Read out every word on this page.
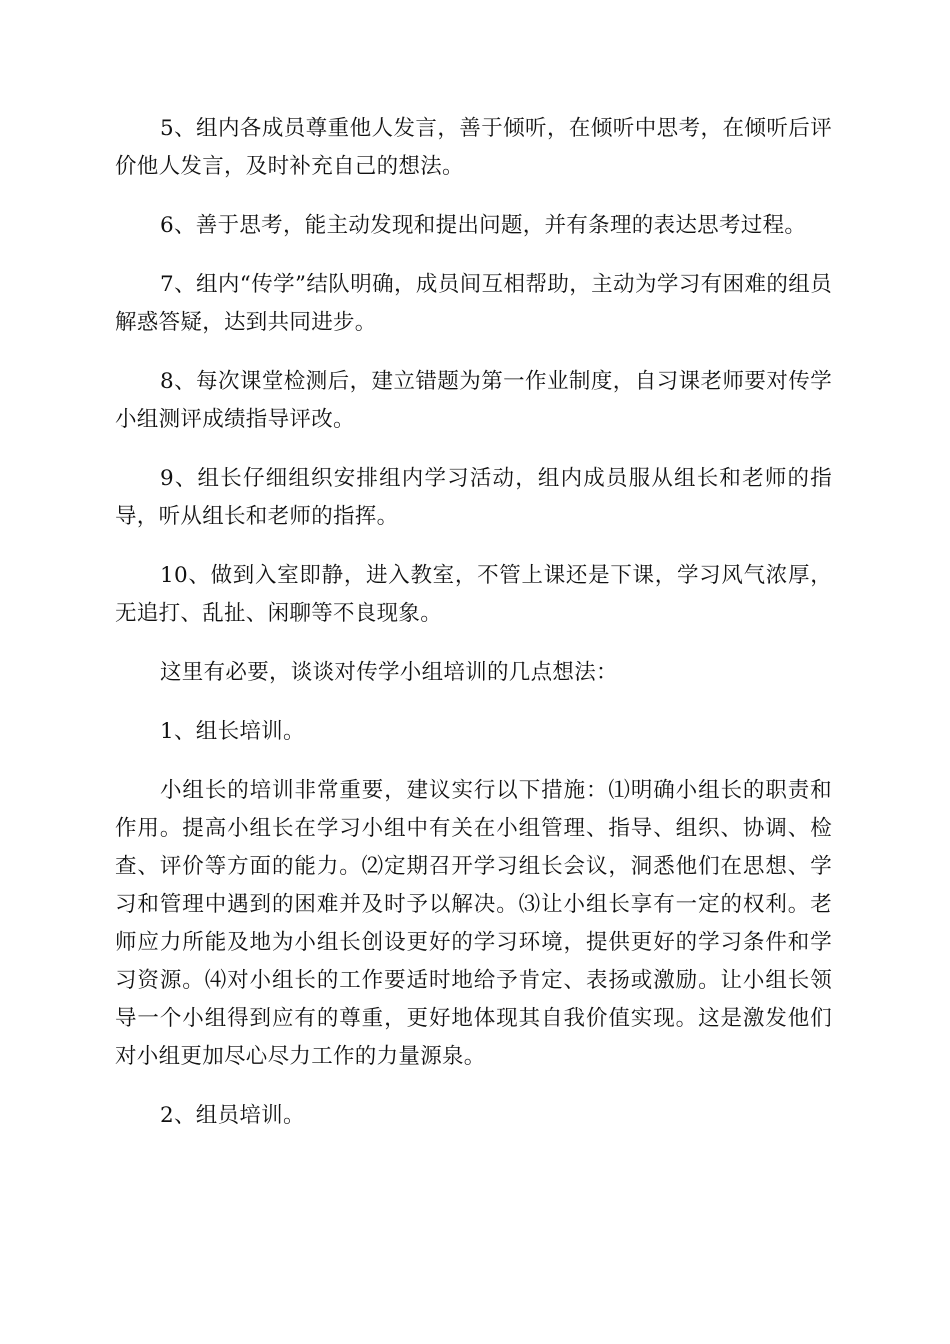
5、组内各成员尊重他人发言，善于倾听，在倾听中思考，在倾听后评价他人发言，及时补充自己的想法。

6、善于思考，能主动发现和提出问题，并有条理的表达思考过程。

7、组内“传学”结队明确，成员间互相帮助，主动为学习有困难的组员解惑答疑，达到共同进步。

8、每次课堂检测后，建立错题为第一作业制度，自习课老师要对传学小组测评成绩指导评改。

9、组长仔细组织安排组内学习活动，组内成员服从组长和老师的指导，听从组长和老师的指挥。

10、做到入室即静，进入教室，不管上课还是下课，学习风气浓厚，无追打、乱扯、闲聊等不良现象。

这里有必要，谈谈对传学小组培训的几点想法：

1、组长培训。

小组长的培训非常重要，建议实行以下措施：⑴明确小组长的职责和作用。提高小组长在学习小组中有关在小组管理、指导、组织、协调、检查、评价等方面的能力。⑵定期召开学习组长会议，洞悉他们在思想、学习和管理中遇到的困难并及时予以解决。⑶让小组长享有一定的权利。老师应力所能及地为小组长创设更好的学习环境，提供更好的学习条件和学习资源。⑷对小组长的工作要适时地给予肯定、表扬或激励。让小组长领导一个小组得到应有的尊重，更好地体现其自我价值实现。这是激发他们对小组更加尽心尽力工作的力量源泉。

2、组员培训。
